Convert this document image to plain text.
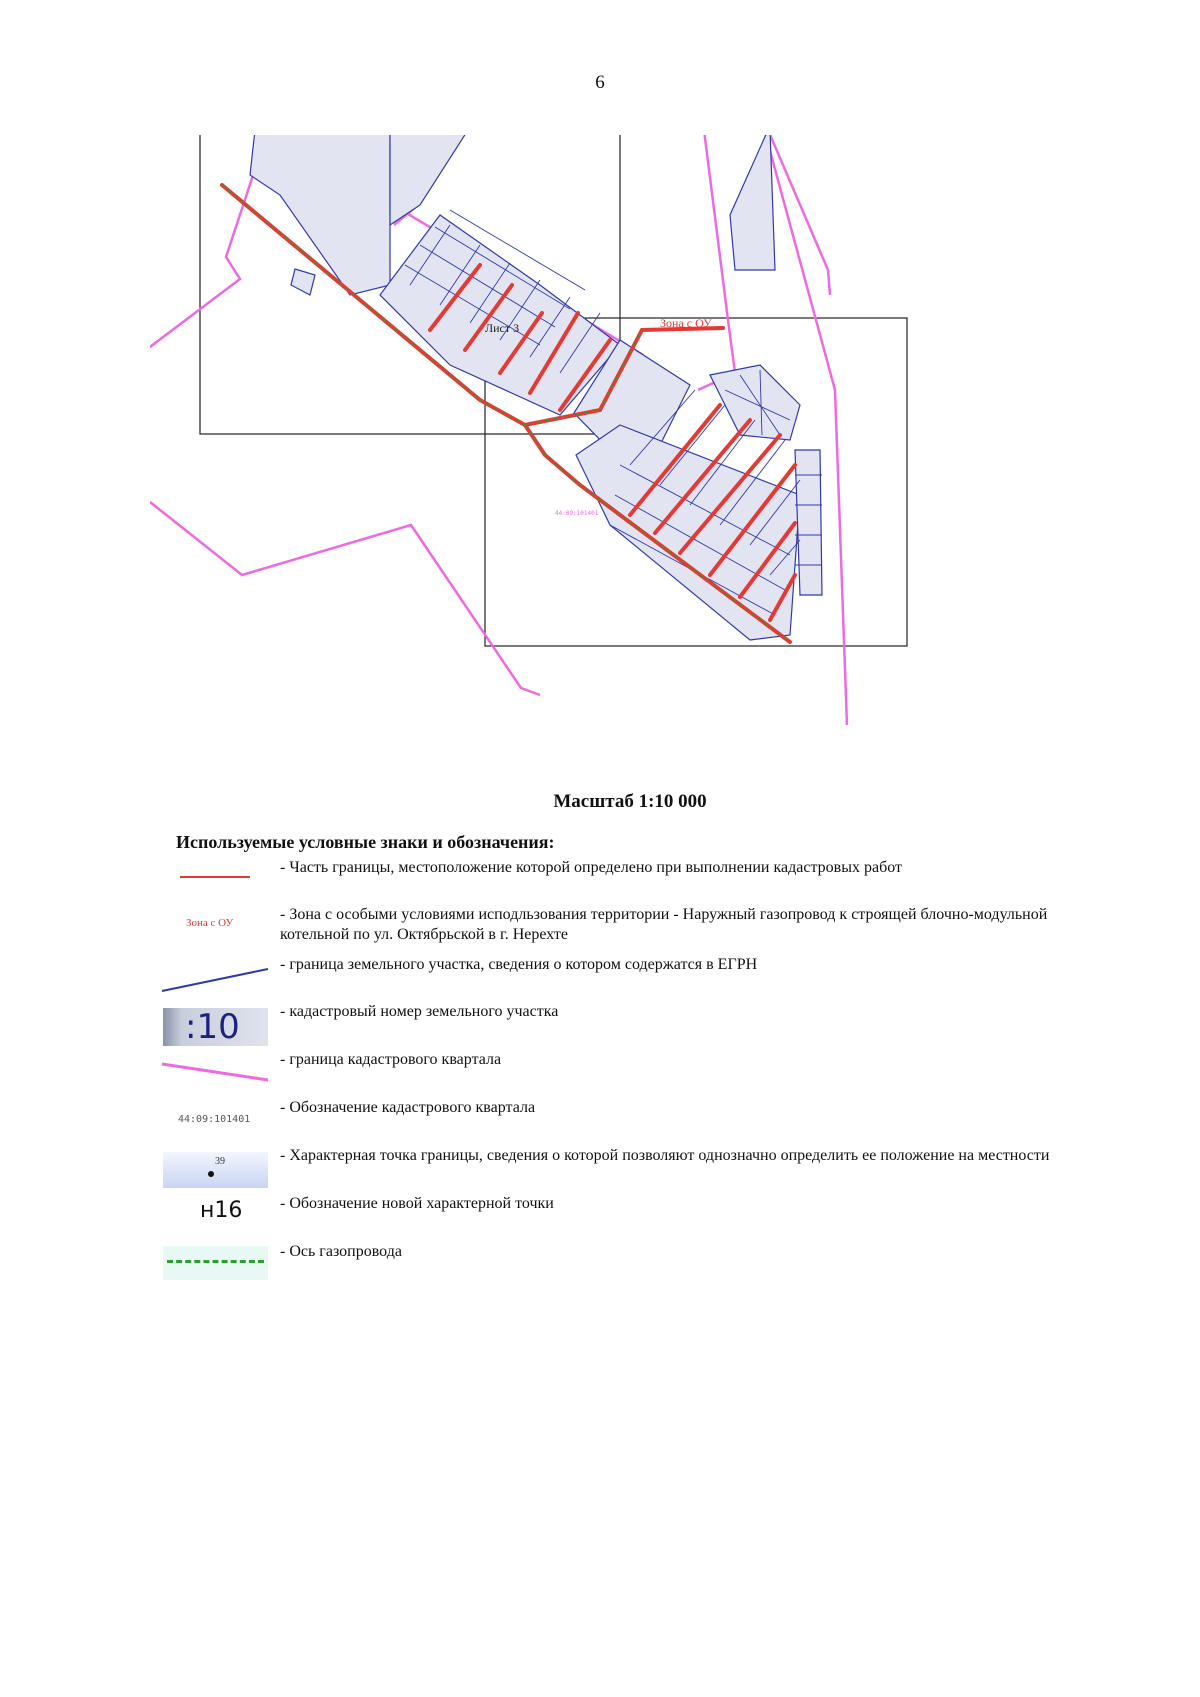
6
Лист 3	Зона с ОУ
44:09:101401
Масштаб 1:10 000
Используемые условные знаки и обозначения:
- Часть границы, местоположение которой определено при выполнении кадастровых работ
Зона с ОУ	- Зона с особыми условиями исподльзования территории - Наружный газопровод к строящей блочно-модульной котельной по ул. Октябрьской в г. Нерехте
- граница земельного участка, сведения о котором содержатся в ЕГРН
:10	- кадастровый номер земельного участка
- граница кадастрового квартала
44:09:101401
- Обозначение кадастрового квартала
39	- Характерная точка границы, сведения о которой позволяют однозначно определить ее положение на местности
н16 - Обозначение новой характерной точки
- Ось газопровода
